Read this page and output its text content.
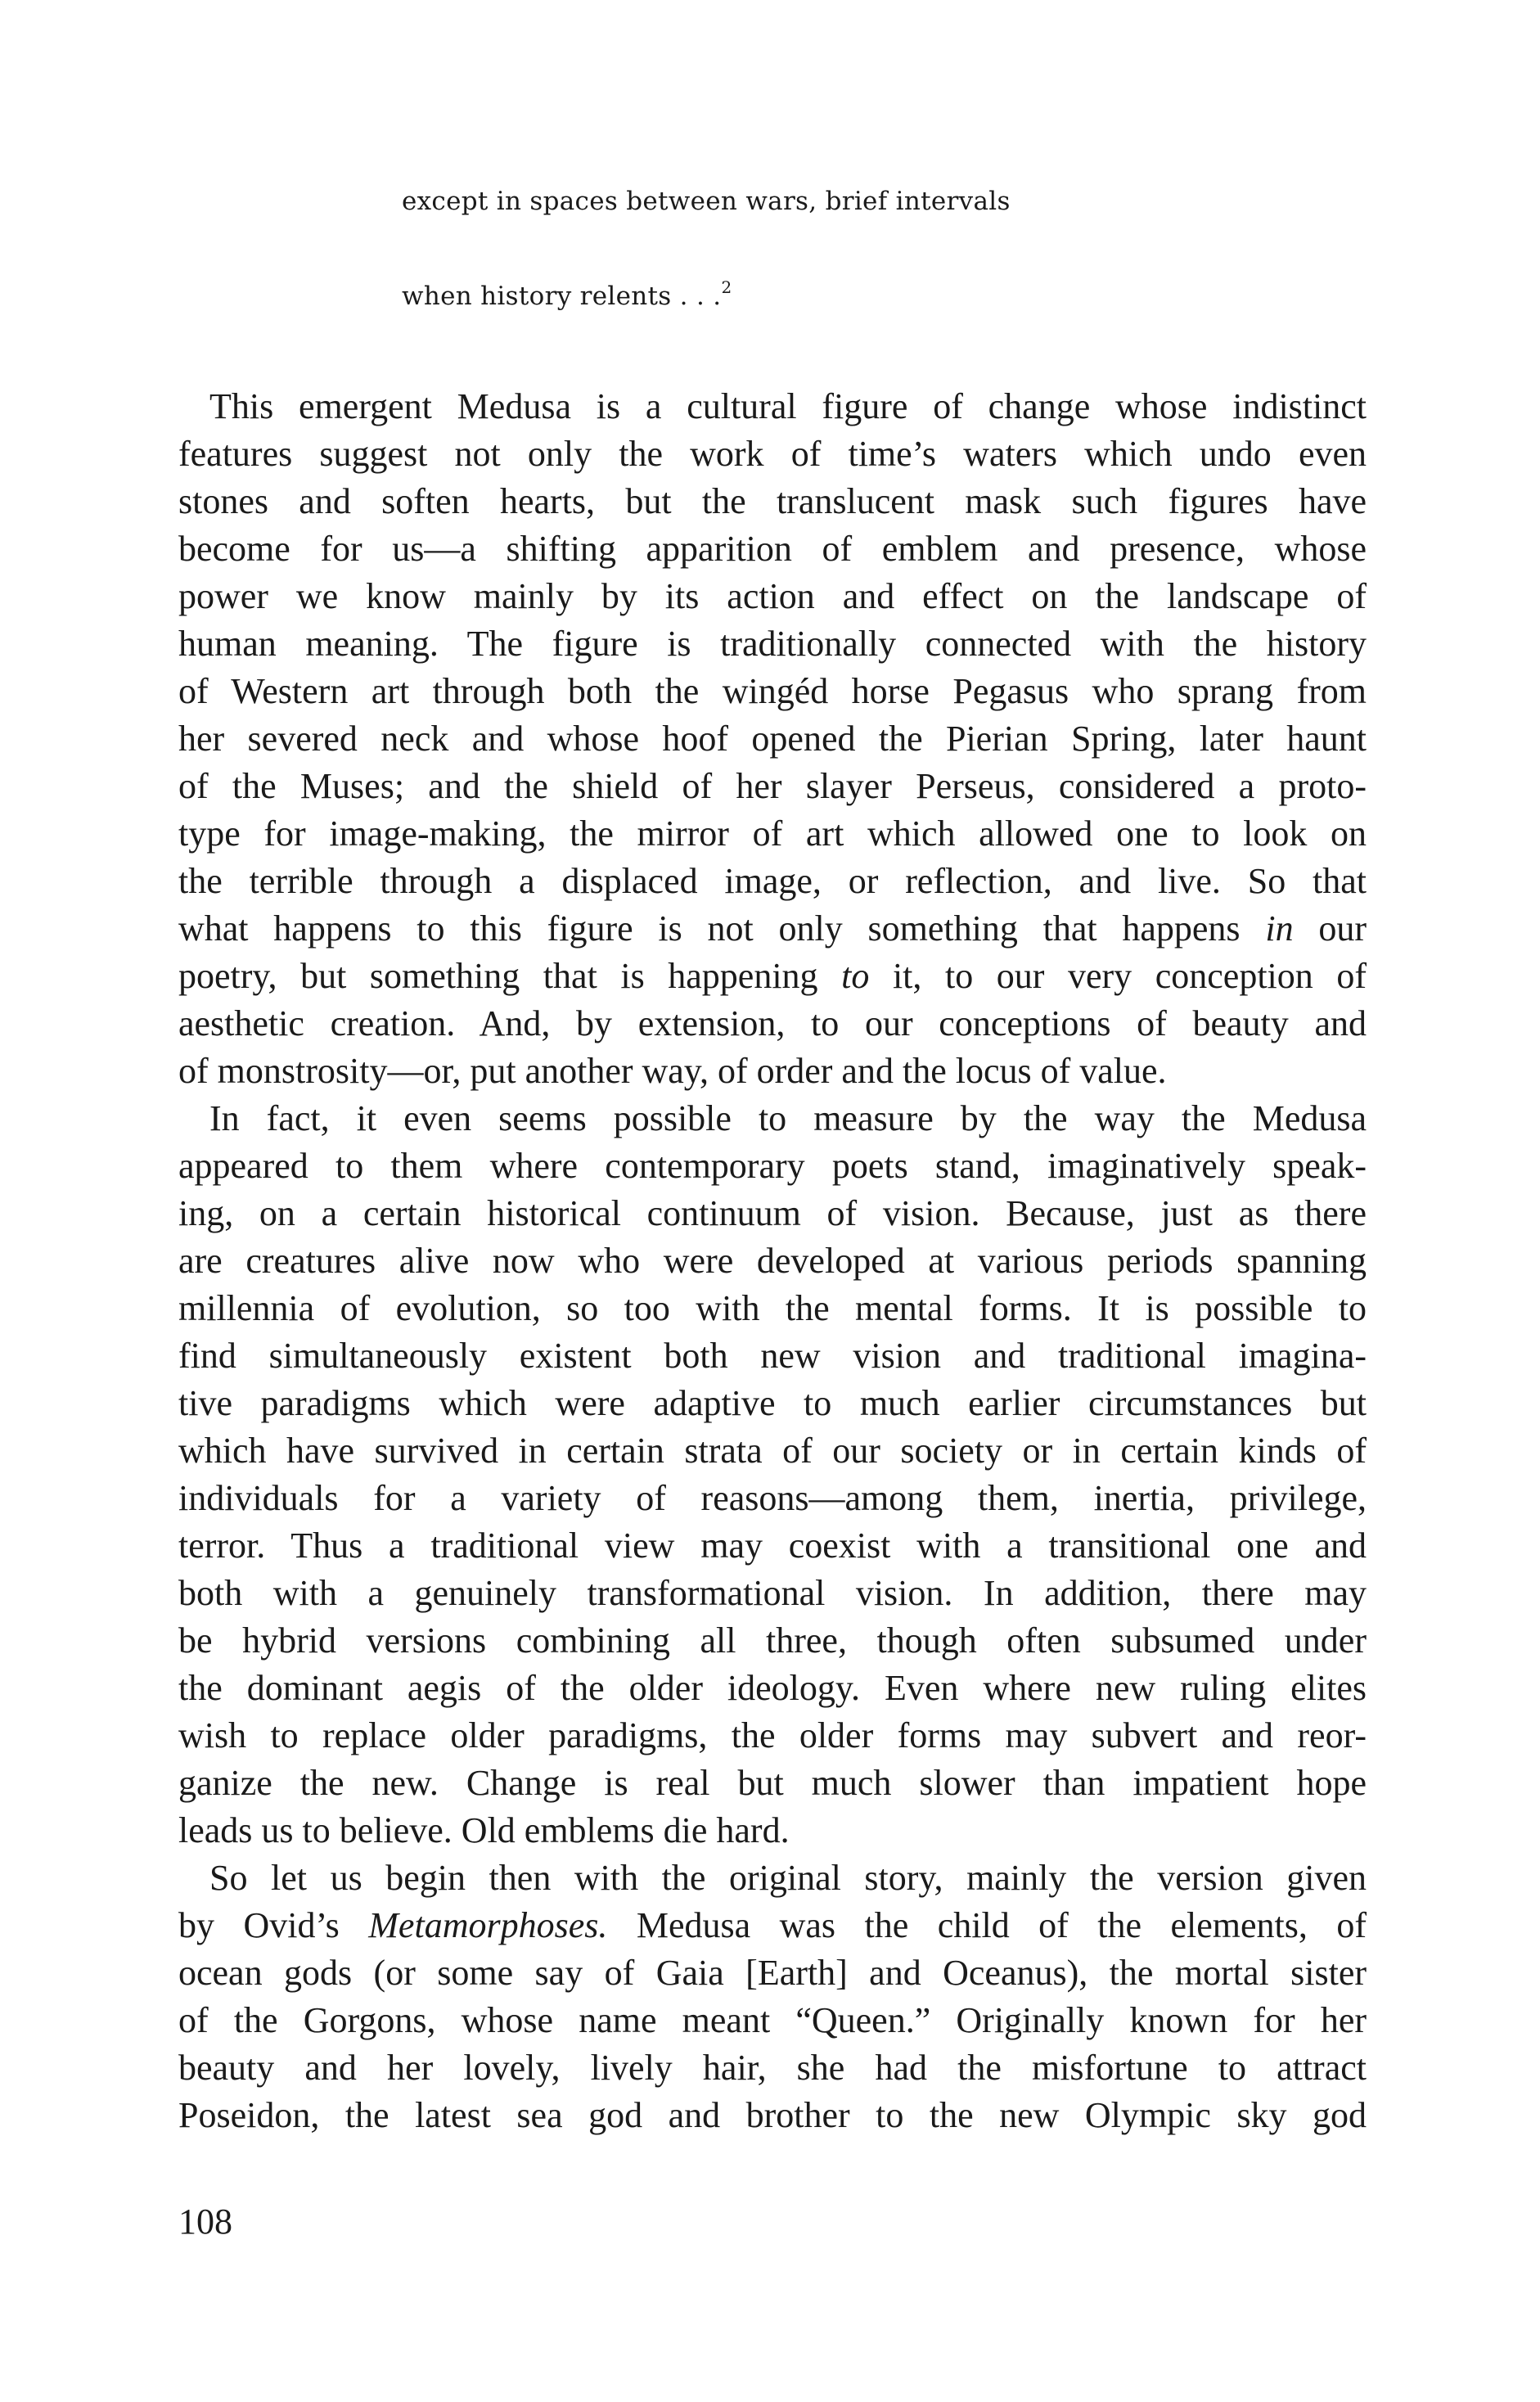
except in spaces between wars, brief intervals

when history relents . . .$^2$

This emergent Medusa is a cultural figure of change whose indistinct

features suggest not only the work of time’s waters which undo even

stones and soften hearts, but the translucent mask such figures have

become for us—a shifting apparition of emblem and presence, whose

power we know mainly by its action and effect on the landscape of

human meaning. The figure is traditionally connected with the history

of Western art through both the wingéd horse Pegasus who sprang from

her severed neck and whose hoof opened the Pierian Spring, later haunt

of the Muses; and the shield of her slayer Perseus, considered a proto-

type for image-making, the mirror of art which allowed one to look on

the terrible through a displaced image, or reflection, and live. So that

what happens to this figure is not only something that happens in our

poetry, but something that is happening to it, to our very conception of

aesthetic creation. And, by extension, to our conceptions of beauty and

of monstrosity—or, put another way, of order and the locus of value.

In fact, it even seems possible to measure by the way the Medusa

appeared to them where contemporary poets stand, imaginatively speak-

ing, on a certain historical continuum of vision. Because, just as there

are creatures alive now who were developed at various periods spanning

millennia of evolution, so too with the mental forms. It is possible to

find simultaneously existent both new vision and traditional imagina-

tive paradigms which were adaptive to much earlier circumstances but

which have survived in certain strata of our society or in certain kinds of

individuals for a variety of reasons—among them, inertia, privilege,

terror. Thus a traditional view may coexist with a transitional one and

both with a genuinely transformational vision. In addition, there may

be hybrid versions combining all three, though often subsumed under

the dominant aegis of the older ideology. Even where new ruling elites

wish to replace older paradigms, the older forms may subvert and reor-

ganize the new. Change is real but much slower than impatient hope

leads us to believe. Old emblems die hard.

So let us begin then with the original story, mainly the version given

by Ovid’s Metamorphoses. Medusa was the child of the elements, of

ocean gods (or some say of Gaia [Earth] and Oceanus), the mortal sister

of the Gorgons, whose name meant “Queen.” Originally known for her

beauty and her lovely, lively hair, she had the misfortune to attract

Poseidon, the latest sea god and brother to the new Olympic sky god

108
